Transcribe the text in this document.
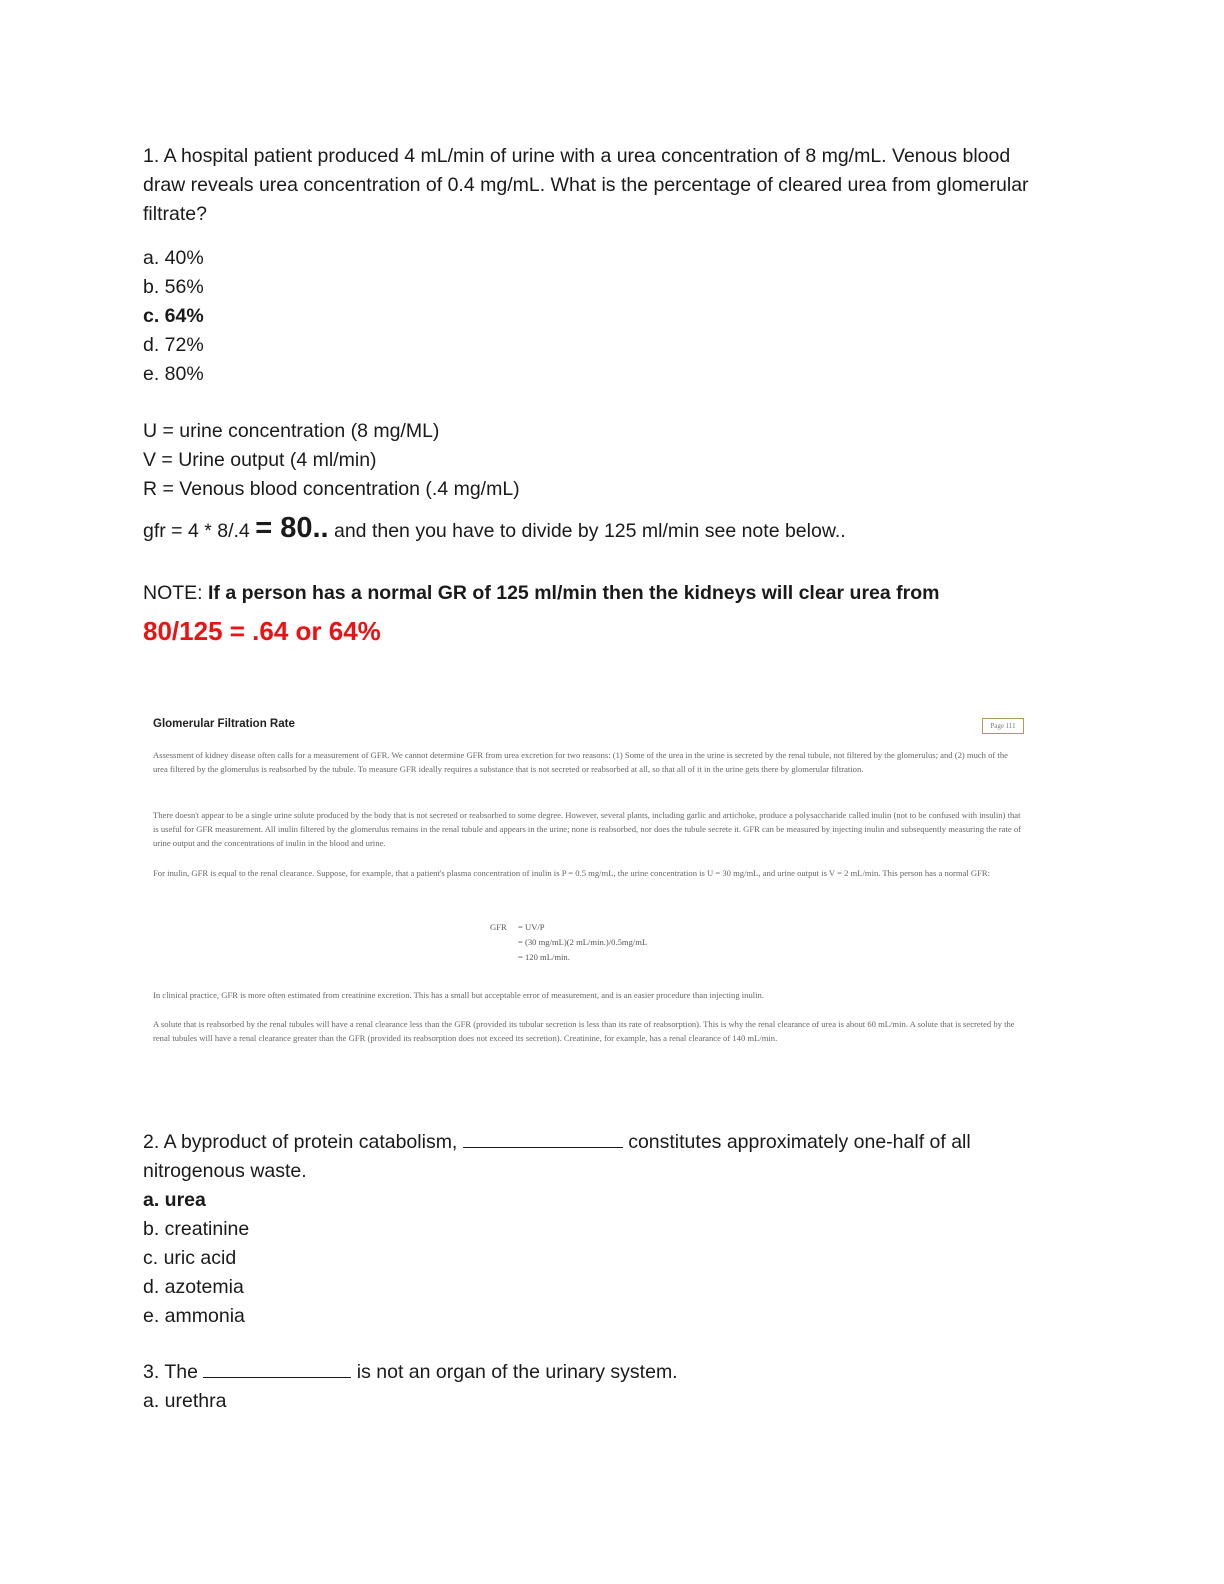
1. A hospital patient produced 4 mL/min of urine with a urea concentration of 8 mg/mL. Venous blood
draw reveals urea concentration of 0.4 mg/mL. What is the percentage of cleared urea from glomerular
filtrate?
a. 40%
b. 56%
c. 64%
d. 72%
e. 80%
U = urine concentration (8 mg/ML)
V = Urine output (4 ml/min)
R = Venous blood concentration (.4 mg/mL)
gfr = 4 * 8/.4 = 80.. and then you have to divide by 125 ml/min see note below..
NOTE: If a person has a normal GR of 125 ml/min then the kidneys will clear urea from
80/125 = .64 or 64%
Glomerular Filtration Rate	Page 111

Assessment of kidney disease often calls for a measurement of GFR. We cannot determine GFR from urea excretion for two reasons: (1) Some of the urea in the urine is secreted by the renal tubule, not filtered by the glomerulus; and (2) much of the urea filtered by the glomerulus is reabsorbed by the tubule. To measure GFR ideally requires a substance that is not secreted or reabsorbed at all, so that all of it in the urine gets there by glomerular filtration.

There doesn't appear to be a single urine solute produced by the body that is not secreted or reabsorbed to some degree. However, several plants, including garlic and artichoke, produce a polysaccharide called inulin (not to be confused with insulin) that is useful for GFR measurement. All inulin filtered by the glomerulus remains in the renal tubule and appears in the urine; none is reabsorbed, nor does the tubule secrete it. GFR can be measured by injecting inulin and subsequently measuring the rate of urine output and the concentrations of inulin in the blood and urine.

For inulin, GFR is equal to the renal clearance. Suppose, for example, that a patient's plasma concentration of inulin is P = 0.5 mg/mL, the urine concentration is U = 30 mg/mL, and urine output is V = 2 mL/min. This person has a normal GFR:

GFR = UV/P
= (30 mg/mL)(2 mL/min.)/0.5mg/mL
= 120 mL/min.

In clinical practice, GFR is more often estimated from creatinine excretion. This has a small but acceptable error of measurement, and is an easier procedure than injecting inulin.

A solute that is reabsorbed by the renal tubules will have a renal clearance less than the GFR (provided its tubular secretion is less than its rate of reabsorption). This is why the renal clearance of urea is about 60 mL/min. A solute that is secreted by the renal tubules will have a renal clearance greater than the GFR (provided its reabsorption does not exceed its secretion). Creatinine, for example, has a renal clearance of 140 mL/min.

2. A byproduct of protein catabolism,	constitutes approximately one-half of all
nitrogenous waste.
a. urea
b. creatinine
c. uric acid
d. azotemia
e. ammonia
3. The	is not an organ of the urinary system.
a. urethra
